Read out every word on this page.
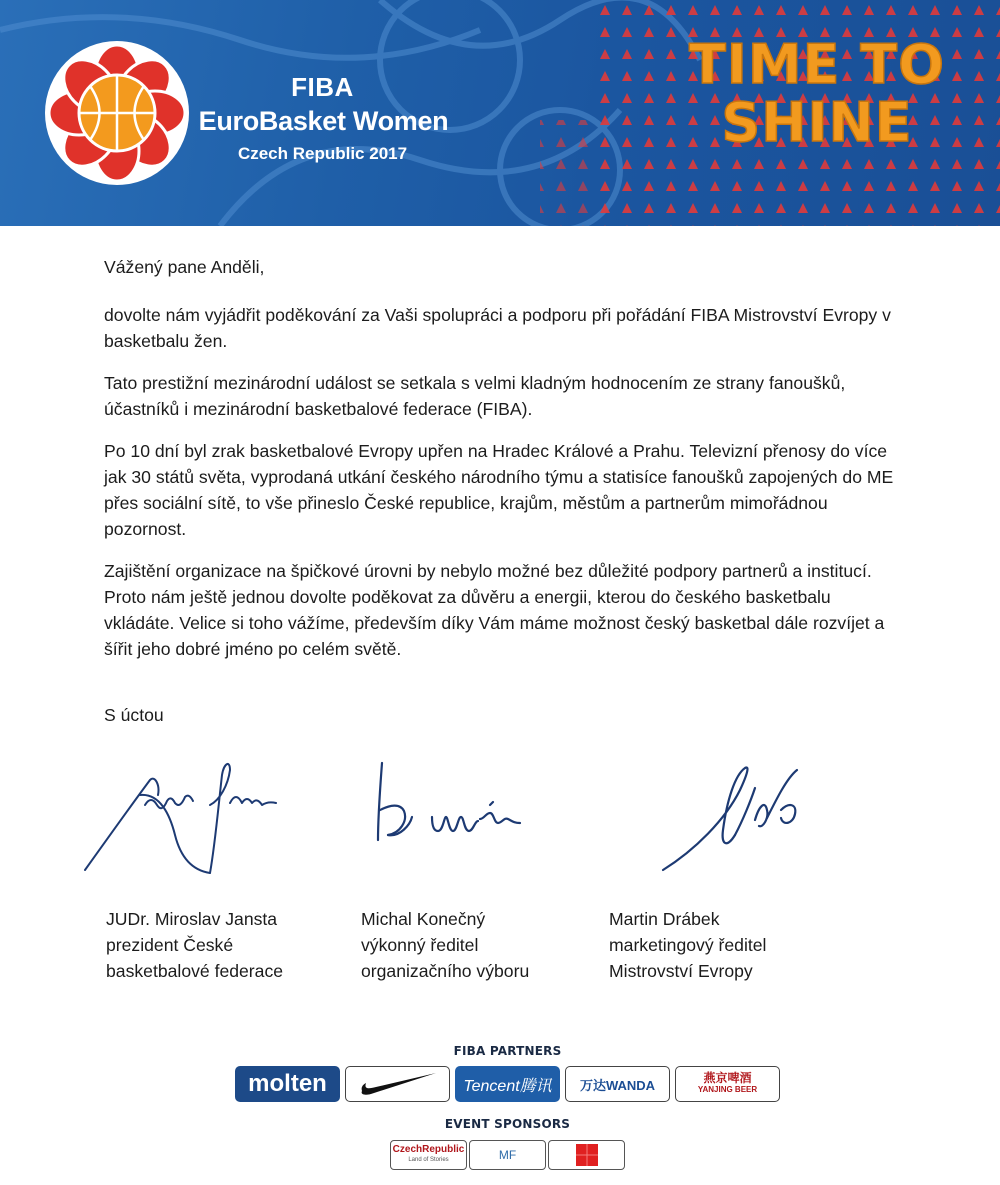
FIBA
EuroBasket Women
Czech Republic 2017
TIME TO
SHINE

Vážený pane Anděli,

dovolte nám vyjádřit poděkování za Vaši spolupráci a podporu při pořádání FIBA Mistrovství Evropy v basketbalu žen.

Tato prestižní mezinárodní událost se setkala s velmi kladným hodnocením ze strany fanoušků, účastníků i mezinárodní basketbalové federace (FIBA).

Po 10 dní byl zrak basketbalové Evropy upřen na Hradec Králové a Prahu. Televizní přenosy do více jak 30 států světa, vyprodaná utkání českého národního týmu a statisíce fanoušků zapojených do ME přes sociální sítě, to vše přineslo České republice, krajům, městům a partnerům mimořádnou pozornost.

Zajištění organizace na špičkové úrovni by nebylo možné bez důležité podpory partnerů a institucí. Proto nám ještě jednou dovolte poděkovat za důvěru a energii, kterou do českého basketbalu vkládáte. Velice si toho vážíme, především díky Vám máme možnost český basketbal dále rozvíjet a šířit jeho dobré jméno po celém světě.

S úctou
JUDr. Miroslav Jansta
prezident České
basketbalové federace
Michal Konečný
výkonný ředitel
organizačního výboru
Martin Drábek
marketingový ředitel
Mistrovství Evropy
FIBA PARTNERS
molten	Tencent腾讯 万达WANDA	燕京啤酒
YANJING BEER
EVENT SPONSORS
CzechRepublic
Land of Stories	MF
